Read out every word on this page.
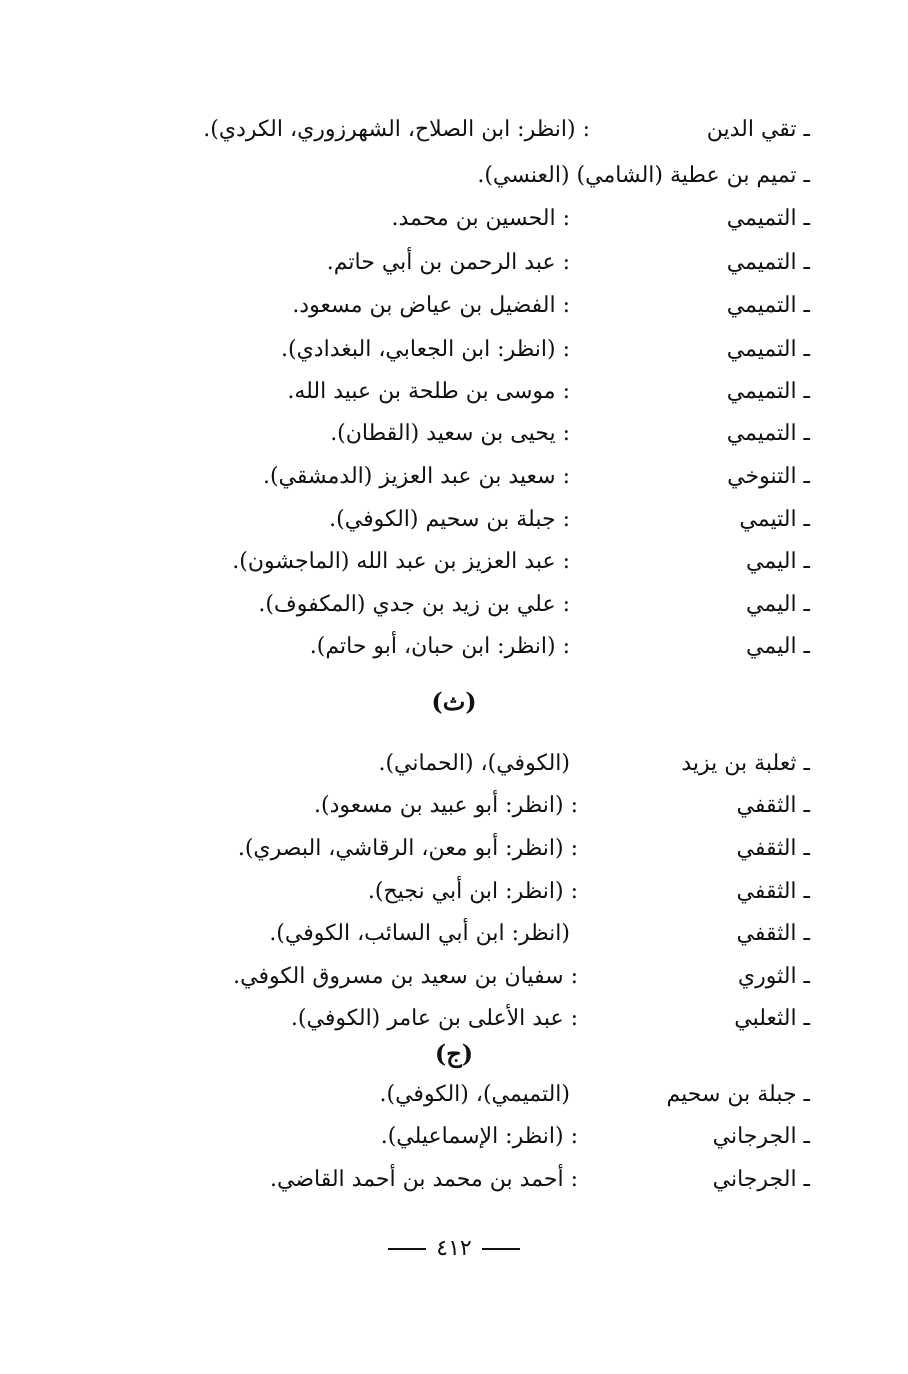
ـ تقي الدين
: (انظر: ابن الصلاح، الشهرزوري، الكردي).
ـ تميم بن عطية (الشامي) (العنسي).
ـ التميمي
: الحسين بن محمد.
ـ التميمي
: عبد الرحمن بن أبي حاتم.
ـ التميمي
: الفضيل بن عياض بن مسعود.
ـ التميمي
: (انظر: ابن الجعابي، البغدادي).
ـ التميمي
: موسى بن طلحة بن عبيد الله.
ـ التميمي
: يحيى بن سعيد (القطان).
ـ التنوخي
: سعيد بن عبد العزيز (الدمشقي).
ـ التيمي
: جبلة بن سحيم (الكوفي).
ـ اليمي
: عبد العزيز بن عبد الله (الماجشون).
ـ اليمي
: علي بن زيد بن جدي (المكفوف).
ـ اليمي
: (انظر: ابن حبان، أبو حاتم).
(ث)
ـ ثعلبة بن يزيد
(الكوفي)، (الحماني).
ـ الثقفي
: (انظر: أبو عبيد بن مسعود).
ـ الثقفي
: (انظر: أبو معن، الرقاشي، البصري).
ـ الثقفي
: (انظر: ابن أبي نجيح).
ـ الثقفي
(انظر: ابن أبي السائب، الكوفي).
ـ الثوري
: سفيان بن سعيد بن مسروق الكوفي.
ـ الثعلبي
: عبد الأعلى بن عامر (الكوفي).
(ج)
ـ جبلة بن سحيم
(التميمي)، (الكوفي).
ـ الجرجاني
: (انظر: الإسماعيلي).
ـ الجرجاني
: أحمد بن محمد بن أحمد القاضي.
٤١٢
